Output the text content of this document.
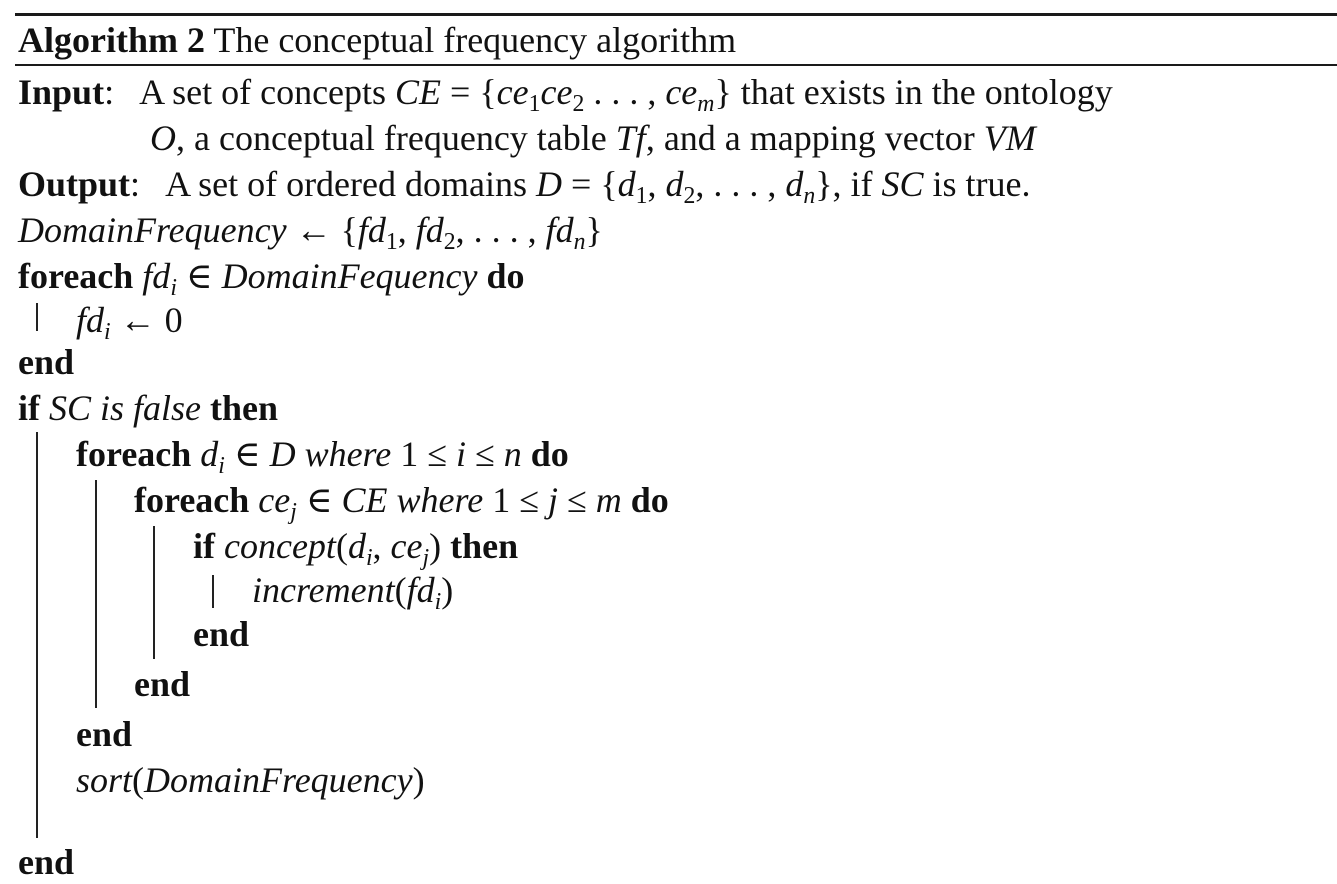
Algorithm 2 The conceptual frequency algorithm
Input:   A set of concepts CE = {$ce_1ce_2$ . . . , $ce_m$} that exists in the ontology
O, a conceptual frequency table Tf, and a mapping vector VM
Output:   A set of ordered domains $D = \{d_1$, $d_2$, . . . , $d_n$}, if SC is true.
DomainFrequency ← {$fd_1$, $fd_2$, . . . , $fd_n$}
foreach $fd_i$ ∈ DomainFequency do
$fd_i$ ← 0
end
if SC is false then
foreach $d_i$ ∈ D where 1 ≤ i ≤ n do
foreach $ce_j$ ∈ CE where 1 ≤ j ≤ m do
if $concept(d_i$, $ce_j$) then
$increment(fd_i)$
end
end
end
sort(DomainFrequency)
end
